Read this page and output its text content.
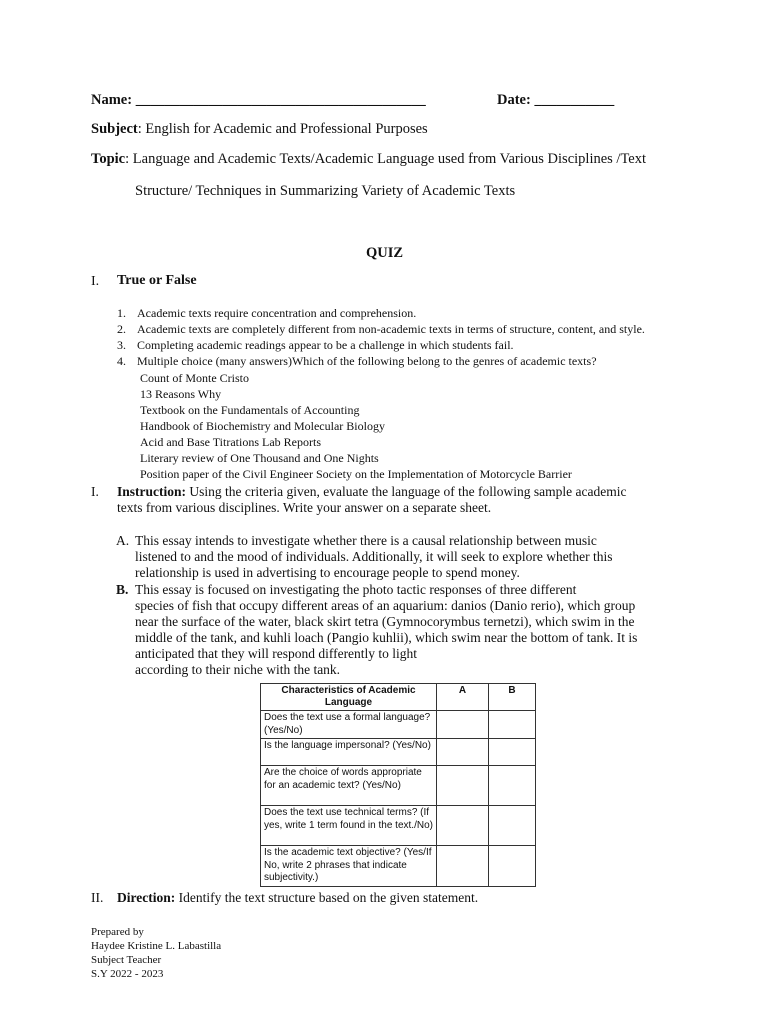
Name: ________________________________________	Date: ___________
Subject: English for Academic and Professional Purposes
Topic: Language and Academic Texts/Academic Language used from Various Disciplines /Text
Structure/ Techniques in Summarizing Variety of Academic Texts
QUIZ
I. True or False
1. Academic texts require concentration and comprehension.
2. Academic texts are completely different from non-academic texts in terms of structure, content, and style.
3. Completing academic readings appear to be a challenge in which students fail.
4. Multiple choice (many answers)Which of the following belong to the genres of academic texts?
Count of Monte Cristo
13 Reasons Why
Textbook on the Fundamentals of Accounting
Handbook of Biochemistry and Molecular Biology
Acid and Base Titrations Lab Reports
Literary review of One Thousand and One Nights
Position paper of the Civil Engineer Society on the Implementation of Motorcycle Barrier
I. Instruction: Using the criteria given, evaluate the language of the following sample academic
texts from various disciplines. Write your answer on a separate sheet.
A. This essay intends to investigate whether there is a causal relationship between music
listened to and the mood of individuals. Additionally, it will seek to explore whether this
relationship is used in advertising to encourage people to spend money.
B. This essay is focused on investigating the photo tactic responses of three different
species of fish that occupy different areas of an aquarium: danios (Danio rerio), which group
near the surface of the water, black skirt tetra (Gymnocorymbus ternetzi), which swim in the
middle of the tank, and kuhli loach (Pangio kuhlii), which swim near the bottom of tank. It is
anticipated that they will respond differently to light
according to their niche with the tank.
Characteristics of Academic Language	A	B
Does the text use a formal language? (Yes/No)		
Is the language impersonal? (Yes/No)		
Are the choice of words appropriate for an academic text? (Yes/No)		
Does the text use technical terms? (If yes, write 1 term found in the text./No)		
Is the academic text objective? (Yes/If No, write 2 phrases that indicate subjectivity.)		
II. Direction: Identify the text structure based on the given statement.
Prepared by
Haydee Kristine L. Labastilla
Subject Teacher
S.Y 2022 - 2023
